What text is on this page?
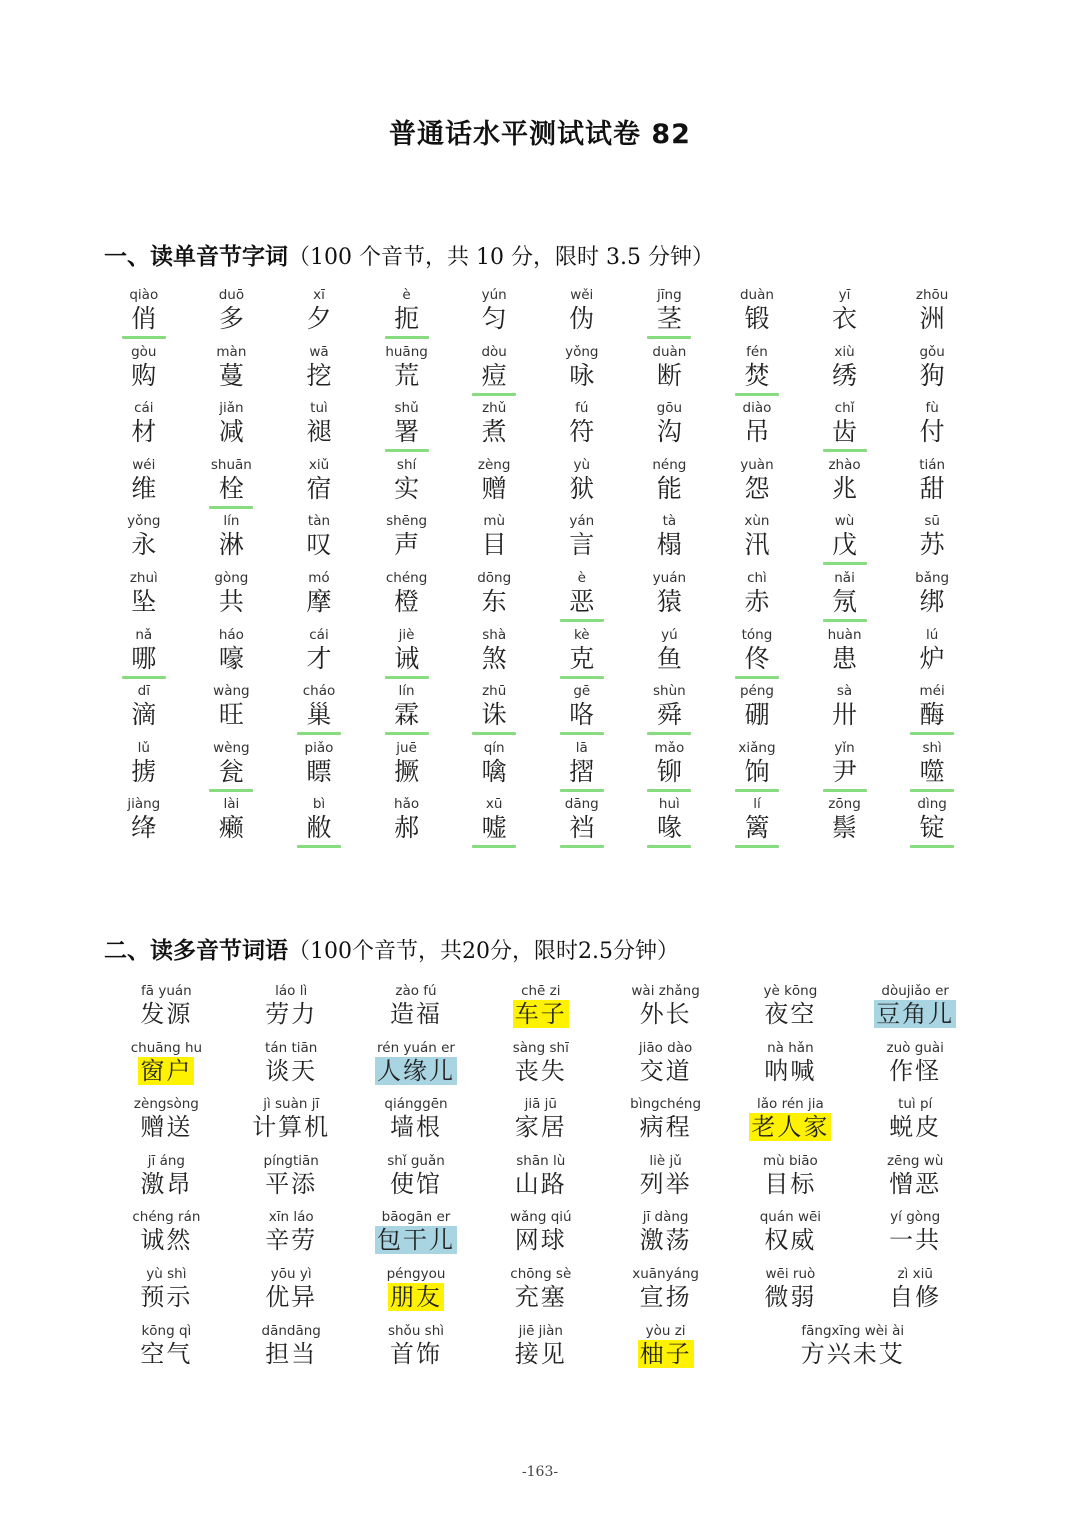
普通话水平测试试卷 82
一、读单音节字词（100 个音节，共 10 分，限时 3.5 分钟）
qiào
俏
duō
多
xī
夕
è
扼
yún
匀
wěi
伪
jīng
茎
duàn
锻
yī
衣
zhōu
洲
gòu
购
màn
蔓
wā
挖
huāng
荒
dòu
痘
yǒng
咏
duàn
断
fén
焚
xiù
绣
gǒu
狗
cái
材
jiǎn
减
tuì
褪
shǔ
署
zhǔ
煮
fú
符
gōu
沟
diào
吊
chǐ
齿
fù
付
wéi
维
shuān
栓
xiǔ
宿
shí
实
zèng
赠
yù
狱
néng
能
yuàn
怨
zhào
兆
tián
甜
yǒng
永
lín
淋
tàn
叹
shēng
声
mù
目
yán
言
tà
榻
xùn
汛
wù
戊
sū
苏
zhuì
坠
gòng
共
mó
摩
chéng
橙
dōng
东
è
恶
yuán
猿
chì
赤
nǎi
氖
bǎng
绑
nǎ
哪
háo
嚎
cái
才
jiè
诫
shà
煞
kè
克
yú
鱼
tóng
佟
huàn
患
lú
炉
dī
滴
wàng
旺
cháo
巢
lín
霖
zhū
诛
gē
咯
shùn
舜
péng
硼
sà
卅
méi
酶
lǔ
掳
wèng
瓮
piǎo
瞟
juē
撅
qín
噙
lā
摺
mǎo
铆
xiǎng
饷
yǐn
尹
shì
噬
jiàng
绛
lài
癞
bì
敝
hǎo
郝
xū
嘘
dāng
裆
huì
喙
lí
篱
zōng
鬃
dìng
锭
二、读多音节词语（100个音节，共20分，限时2.5分钟）
fā yuán
发源
láo lì
劳力
zào fú
造福
chē zi
车子
wài zhǎng
外长
yè kōng
夜空
dòujiǎo er
豆角儿
chuāng hu
窗户
tán tiān
谈天
rén yuán er
人缘儿
sàng shī
丧失
jiāo dào
交道
nà hǎn
呐喊
zuò guài
作怪
zèngsòng
赠送
jì suàn jī
计算机
qiánggēn
墙根
jiā jū
家居
bìngchéng
病程
lǎo rén jia
老人家
tuì pí
蜕皮
jī áng
激昂
píngtiān
平添
shǐ guǎn
使馆
shān lù
山路
liè jǔ
列举
mù biāo
目标
zēng wù
憎恶
chéng rán
诚然
xīn láo
辛劳
bāogān er
包干儿
wǎng qiú
网球
jī dàng
激荡
quán wēi
权威
yí gòng
一共
yù shì
预示
yōu yì
优异
péngyou
朋友
chōng sè
充塞
xuānyáng
宣扬
wēi ruò
微弱
zì xiū
自修
kōng qì
空气
dāndāng
担当
shǒu shì
首饰
jiē jiàn
接见
yòu zi
柚子
fāngxīng wèi ài
方兴未艾
-163-
